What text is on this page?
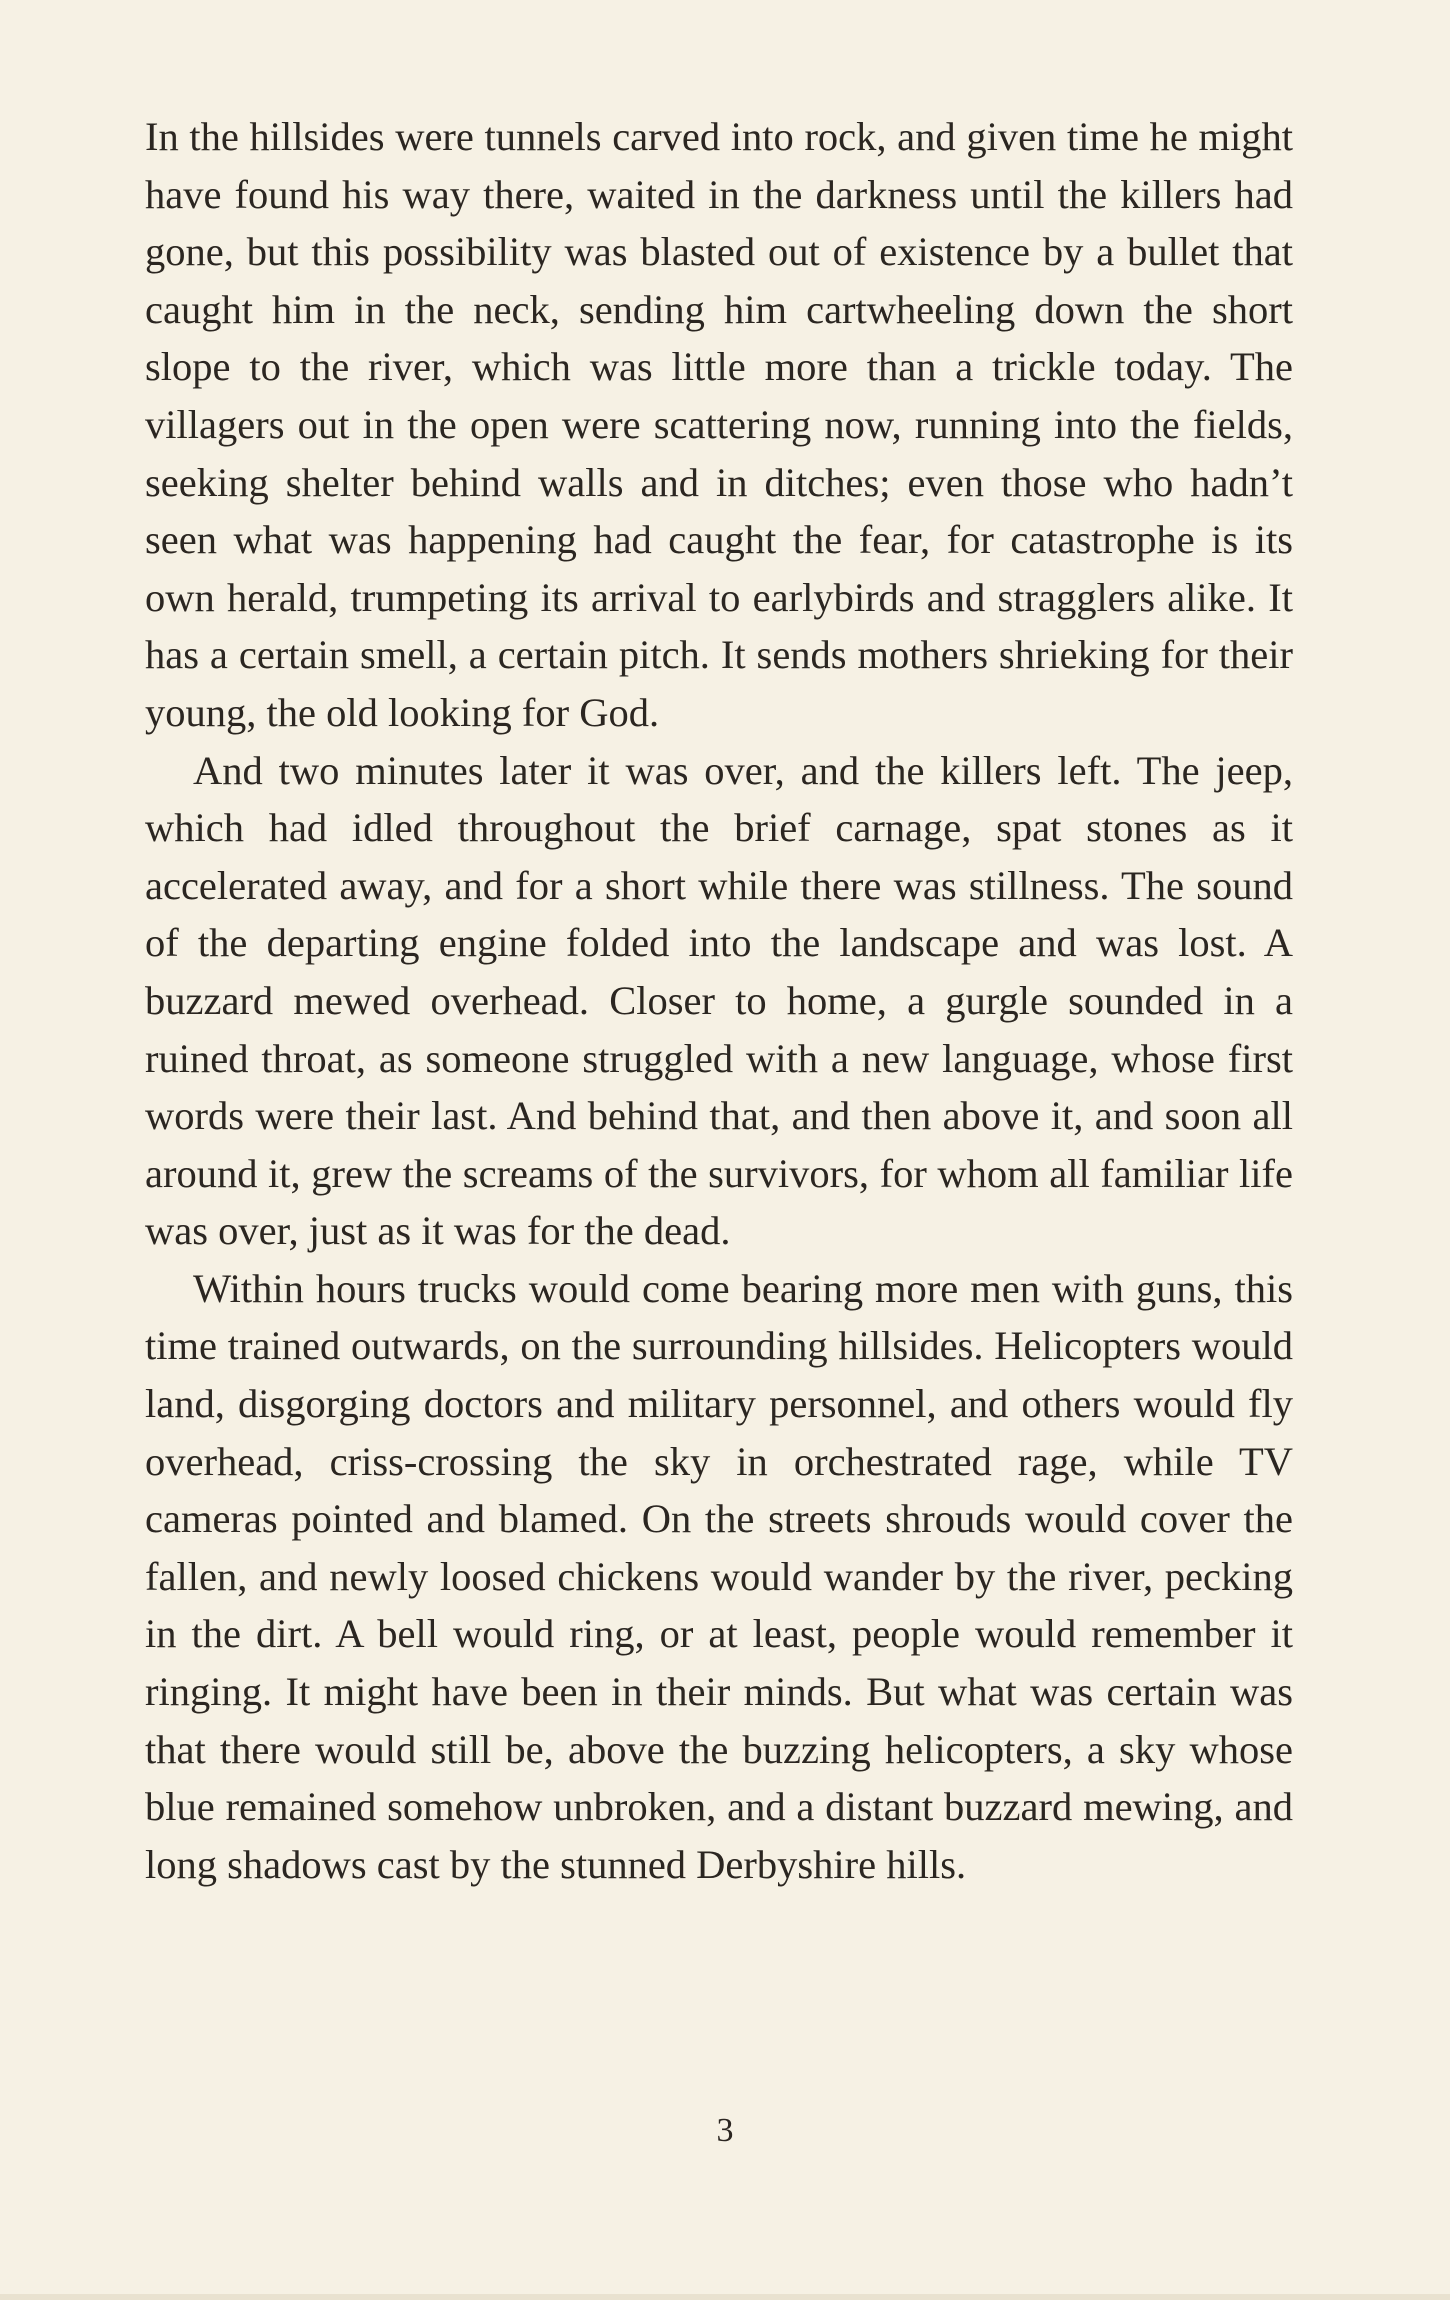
In the hillsides were tunnels carved into rock, and given time he might have found his way there, waited in the darkness until the killers had gone, but this possibility was blasted out of existence by a bullet that caught him in the neck, sending him cartwheeling down the short slope to the river, which was little more than a trickle today. The villagers out in the open were scattering now, running into the fields, seeking shelter behind walls and in ditches; even those who hadn’t seen what was happening had caught the fear, for catastrophe is its own herald, trumpeting its arrival to earlybirds and stragglers alike. It has a certain smell, a certain pitch. It sends mothers shrieking for their young, the old looking for God.

And two minutes later it was over, and the killers left. The jeep, which had idled throughout the brief carnage, spat stones as it accelerated away, and for a short while there was stillness. The sound of the departing engine folded into the landscape and was lost. A buzzard mewed overhead. Closer to home, a gurgle sounded in a ruined throat, as someone struggled with a new language, whose first words were their last. And behind that, and then above it, and soon all around it, grew the screams of the survivors, for whom all familiar life was over, just as it was for the dead.

Within hours trucks would come bearing more men with guns, this time trained outwards, on the surrounding hillsides. Helicopters would land, disgorging doctors and military personnel, and others would fly overhead, criss-crossing the sky in orchestrated rage, while TV cameras pointed and blamed. On the streets shrouds would cover the fallen, and newly loosed chickens would wander by the river, pecking in the dirt. A bell would ring, or at least, people would remember it ringing. It might have been in their minds. But what was certain was that there would still be, above the buzzing helicopters, a sky whose blue remained somehow unbroken, and a distant buzzard mewing, and long shadows cast by the stunned Derbyshire hills.

3
